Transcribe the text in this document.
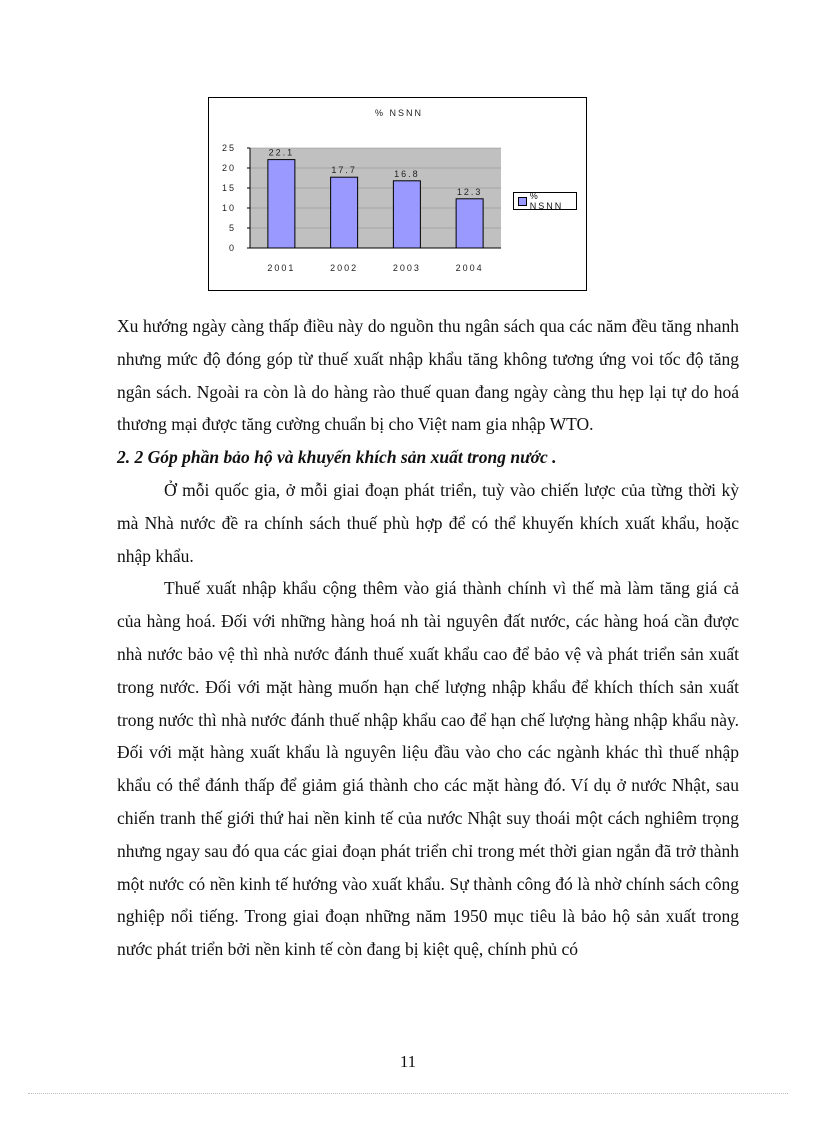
% NSNN
0
5
10
15
20
25	22.1
2001
17.7
2002
16.8
2003
12.3
2004
% NSNN

Xu hướng ngày càng thấp điều này do nguồn thu ngân sách qua các năm đều tăng nhanh nhưng mức độ đóng góp từ thuế xuất nhập khẩu tăng không tương ứng voi tốc độ tăng ngân sách. Ngoài ra còn là do hàng rào thuế quan đang ngày càng thu hẹp lại tự do hoá thương mại được tăng cường chuẩn bị cho Việt nam gia nhập WTO.

2. 2 Góp phần bảo hộ và khuyến khích sản xuất trong nước .

Ở mỗi quốc gia, ở mỗi giai đoạn phát triển, tuỳ vào chiến lược của từng thời kỳ mà Nhà nước đề ra chính sách thuế phù hợp để có thể khuyến khích xuất khẩu, hoặc nhập khẩu.

Thuế xuất nhập khẩu cộng thêm vào giá thành chính vì thế mà làm tăng giá cả của hàng hoá. Đối với những hàng hoá nh tài nguyên đất nước, các hàng hoá cần được nhà nước bảo vệ thì nhà nước đánh thuế xuất khẩu cao để bảo vệ và phát triển sản xuất trong nước. Đối với mặt hàng muốn hạn chế lượng nhập khẩu để khích thích sản xuất trong nước thì nhà nước đánh thuế nhập khẩu cao để hạn chế lượng hàng nhập khẩu này. Đối với mặt hàng xuất khẩu là nguyên liệu đầu vào cho các ngành khác thì thuế nhập khẩu có thể đánh thấp để giảm giá thành cho các mặt hàng đó. Ví dụ ở nước Nhật, sau chiến tranh thế giới thứ hai nền kinh tế của nước Nhật suy thoái một cách nghiêm trọng nhưng ngay sau đó qua các giai đoạn phát triển chỉ trong mét thời gian ngắn đã trở thành một nước có nền kinh tế hướng vào xuất khẩu. Sự thành công đó là nhờ chính sách công nghiệp nổi tiếng. Trong giai đoạn những năm 1950 mục tiêu là bảo hộ sản xuất trong nước phát triển bởi nền kinh tế còn đang bị kiệt quệ, chính phủ có

11
